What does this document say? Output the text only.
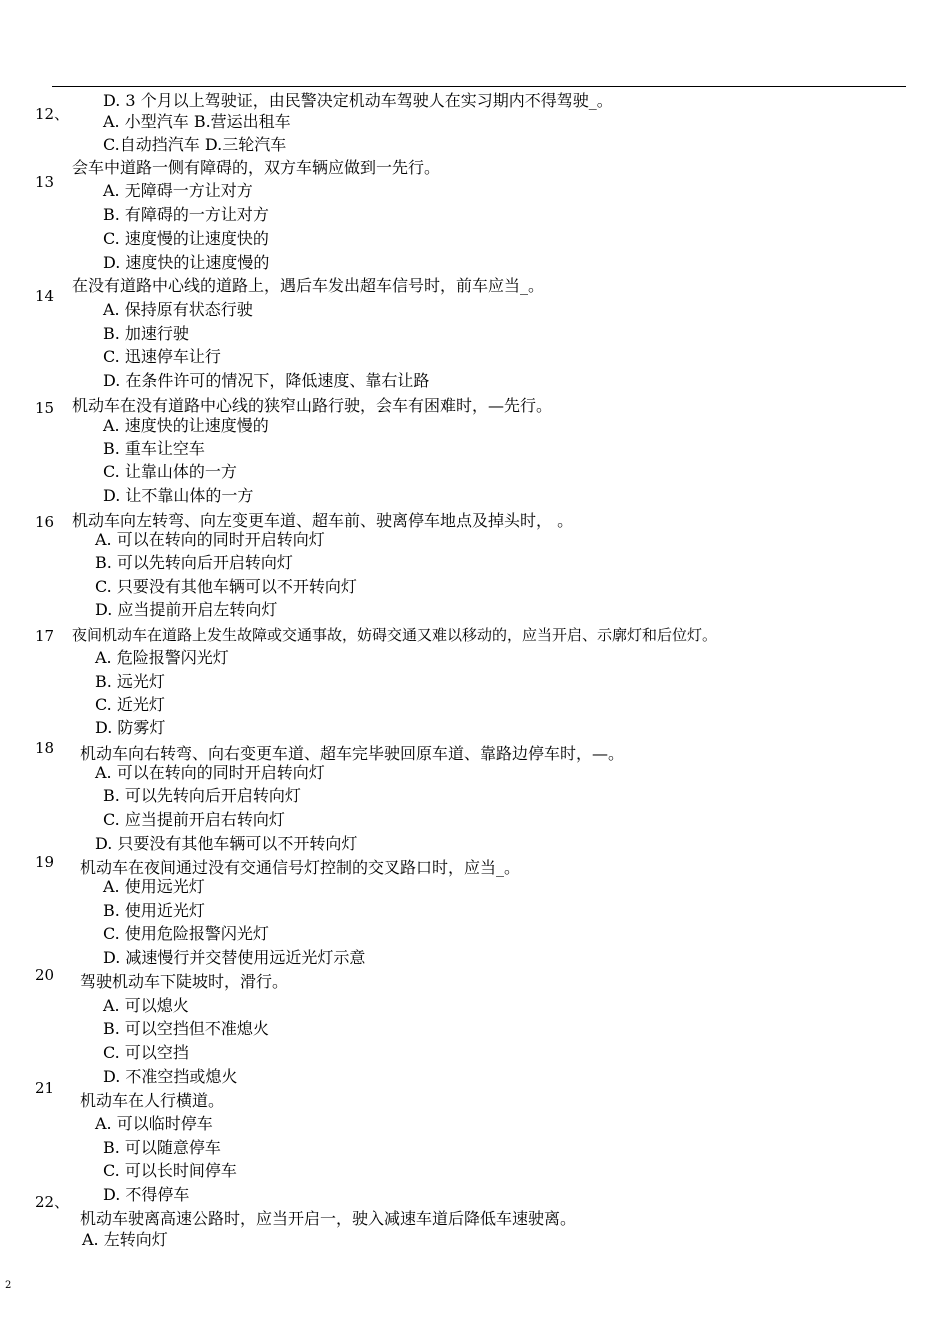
D. 3 个月以上驾驶证，由民警决定机动车驾驶人在实习期内不得驾驶_。
12、 A. 小型汽车 B.营运出租车
C.自动挡汽车 D.三轮汽车
13
会车中道路一侧有障碍的，双方车辆应做到一先行。
A. 无障碍一方让对方
B. 有障碍的一方让对方
C. 速度慢的让速度快的
D. 速度快的让速度慢的
14
在没有道路中心线的道路上，遇后车发出超车信号时，前车应当_。
A. 保持原有状态行驶
B. 加速行驶
C. 迅速停车让行
D. 在条件许可的情况下，降低速度、靠右让路
15 机动车在没有道路中心线的狭窄山路行驶，会车有困难时，—先行。
A. 速度快的让速度慢的
B. 重车让空车
C. 让靠山体的一方
D. 让不靠山体的一方
16 机动车向左转弯、向左变更车道、超车前、驶离停车地点及掉头时， 。
A. 可以在转向的同时开启转向灯
B. 可以先转向后开启转向灯
C. 只要没有其他车辆可以不开转向灯
D. 应当提前开启左转向灯
17 夜间机动车在道路上发生故障或交通事故，妨碍交通又难以移动的，应当开启、示廓灯和后位灯。
A. 危险报警闪光灯
B. 远光灯
C. 近光灯
D. 防雾灯
18 机动车向右转弯、向右变更车道、超车完毕驶回原车道、靠路边停车时，—。
A. 可以在转向的同时开启转向灯
B. 可以先转向后开启转向灯
C. 应当提前开启右转向灯
D. 只要没有其他车辆可以不开转向灯
19 机动车在夜间通过没有交通信号灯控制的交叉路口时，应当_。
A. 使用远光灯
B. 使用近光灯
C. 使用危险报警闪光灯
D. 减速慢行并交替使用远近光灯示意
20 驾驶机动车下陡坡时，滑行。
A. 可以熄火
B. 可以空挡但不准熄火
C. 可以空挡
D. 不准空挡或熄火
21
机动车在人行横道。
A. 可以临时停车
B. 可以随意停车
C. 可以长时间停车
D. 不得停车
22、
机动车驶离高速公路时，应当开启一，驶入减速车道后降低车速驶离。
A. 左转向灯
2
